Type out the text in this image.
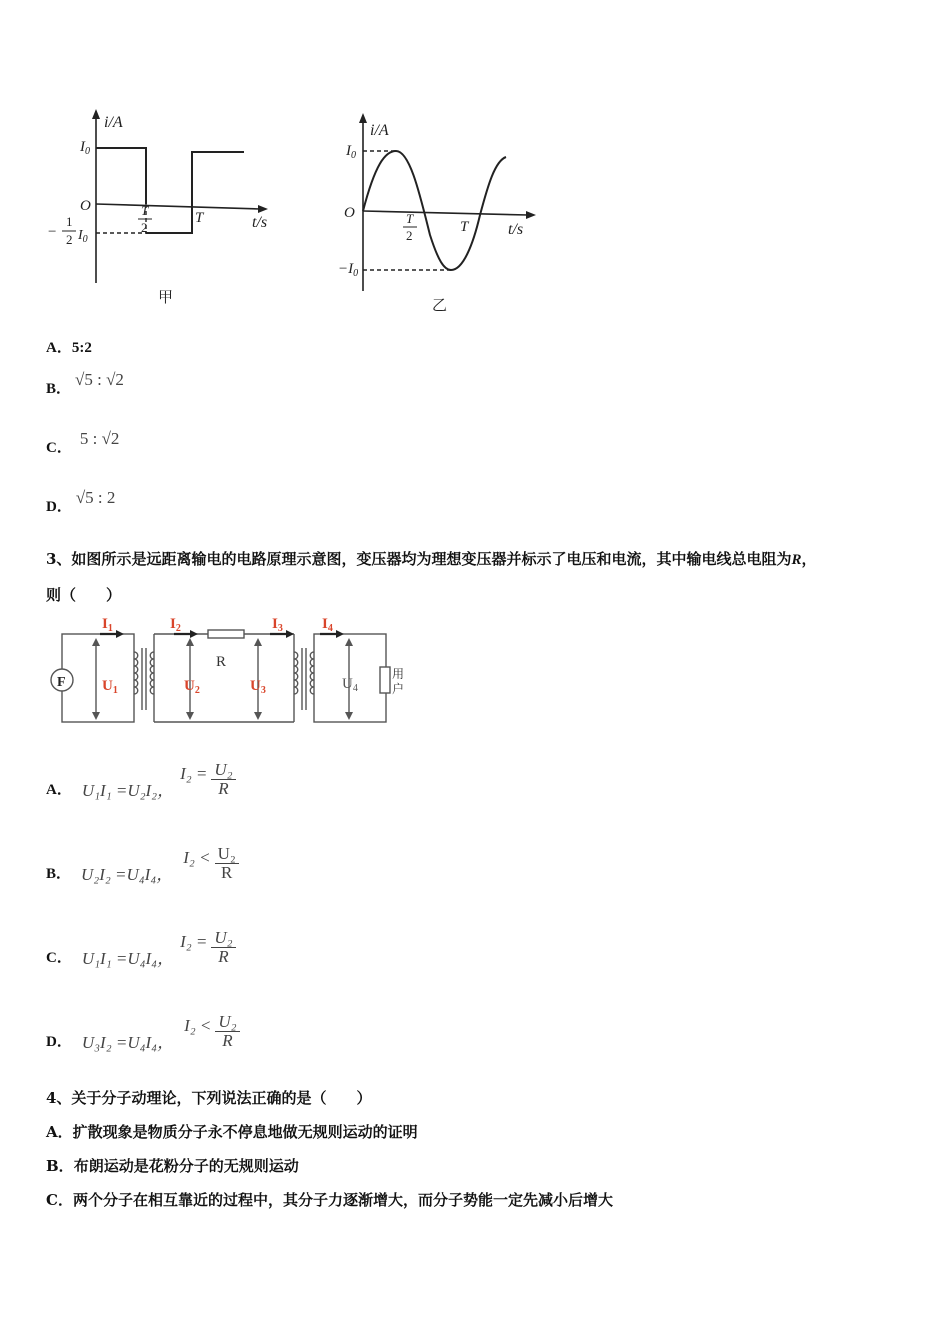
i/A
$I_0$
O
−
1
2 $I_0$
T
2
T	t/s
甲
i/A
$I_0$
O
$-I_0$
T
2
T t/s
乙
A．5:2
B． √5 : √2
C． 5 : √2
D． √5 : 2
3、如图所示是远距离输电的电路原理示意图，变压器均为理想变压器并标示了电压和电流，其中输电线总电阻为R，
则（　　）
$I_1$	$I_2$	$I_3$	$I_4$
$U_1$	$U_2$	$U_3$	$U_4$
R
F
用
户
A． U₁I₁ =U₂I₂，
$I_2 = \frac{\text{U₂}}{R}$
B． U₂I₂ =U₄I₄，
$I_2 < \frac{\text{U₂}}{R}$
C． U₁I₁ =U₄I₄，
$I_2 = \frac{\text{U₂}}{R}$
D． U₃I₂ =U₄I₄，
$I_2 < \frac{\text{U₂}}{R}$
4、关于分子动理论，下列说法正确的是（　　）
A．扩散现象是物质分子永不停息地做无规则运动的证明
B．布朗运动是花粉分子的无规则运动
C．两个分子在相互靠近的过程中，其分子力逐渐增大，而分子势能一定先减小后增大
